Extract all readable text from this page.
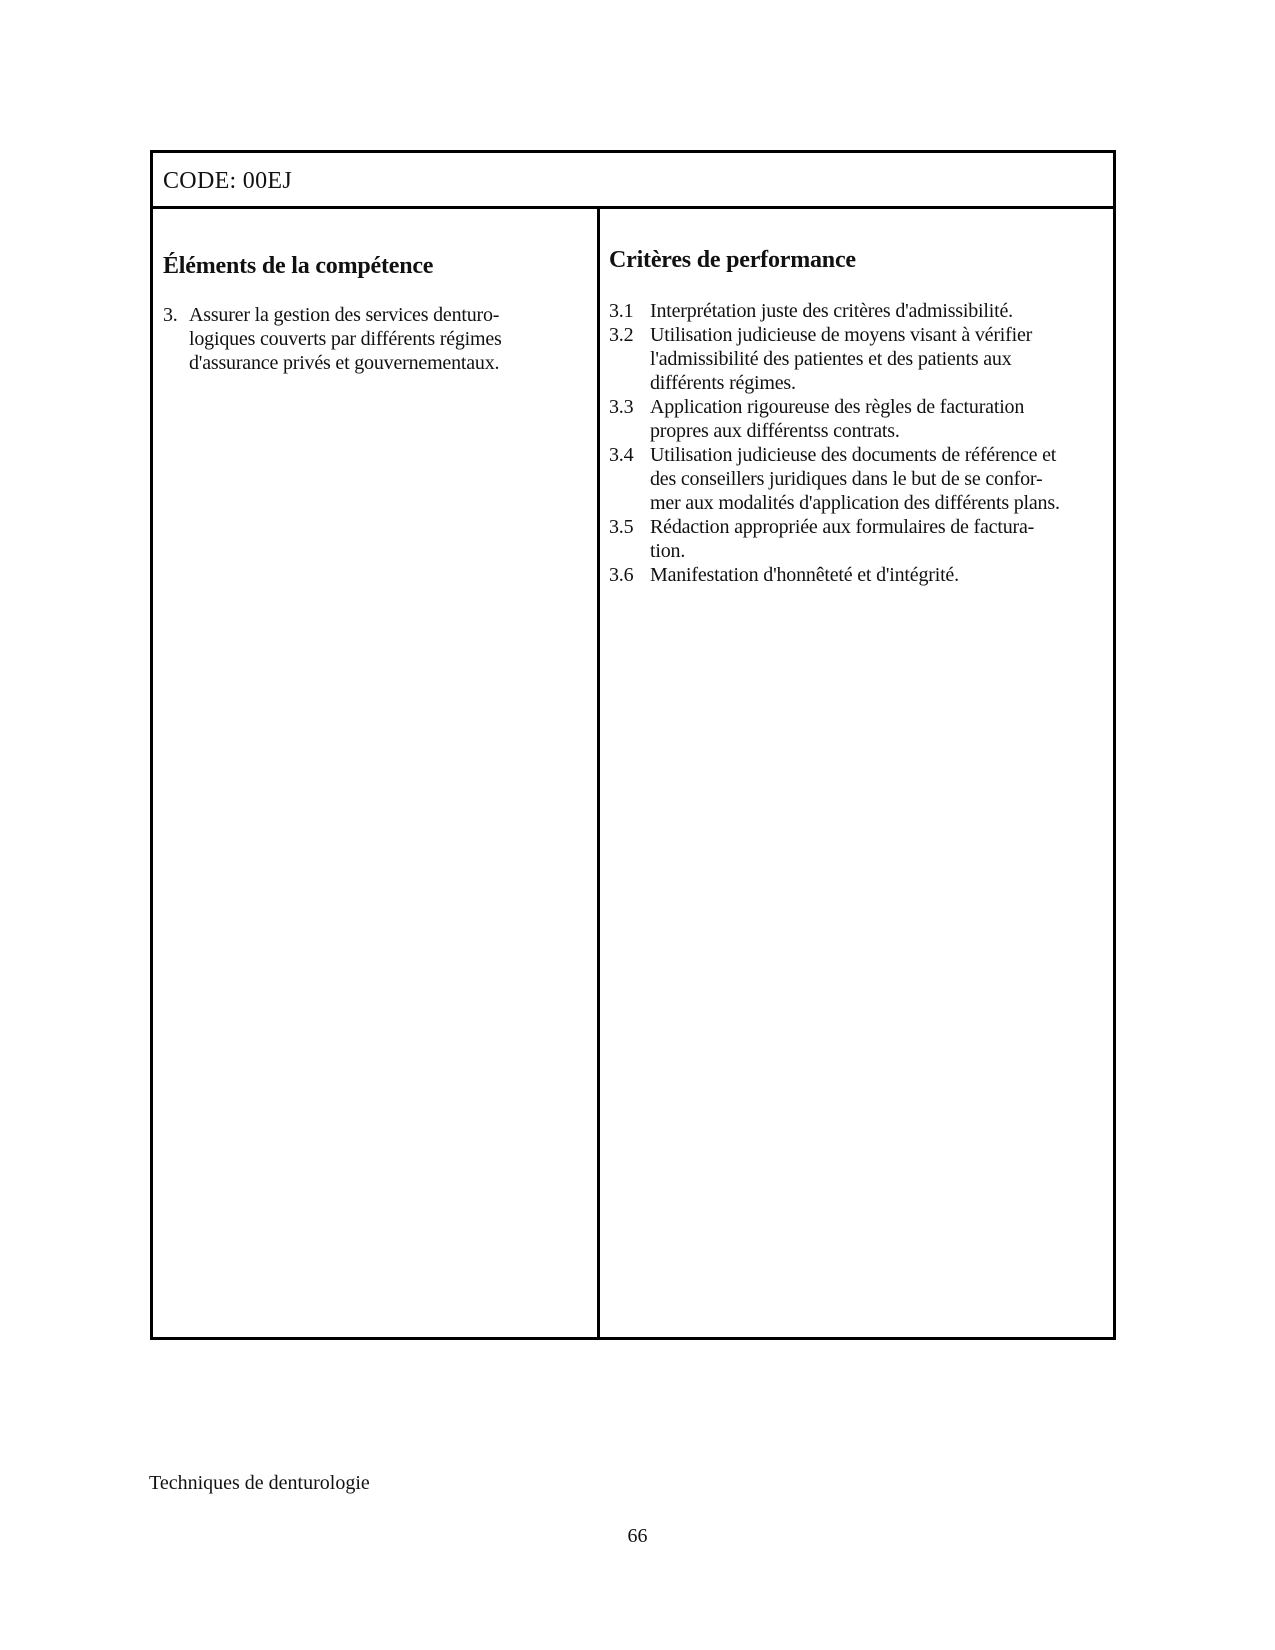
CODE: 00EJ
Éléments de la compétence
3. Assurer la gestion des services denturo-
logiques couverts par différents régimes
d'assurance privés et gouvernementaux.
Critères de performance
3.1 Interprétation juste des critères d'admissibilité.
3.2 Utilisation judicieuse de moyens visant à vérifier
l'admissibilité des patientes et des patients aux
différents régimes.
3.3 Application rigoureuse des règles de facturation
propres aux différentss contrats.
3.4 Utilisation judicieuse des documents de référence et
des conseillers juridiques dans le but de se confor-
mer aux modalités d'application des différents plans.
3.5 Rédaction appropriée aux formulaires de factura-
tion.
3.6 Manifestation d'honnêteté et d'intégrité.
Techniques de denturologie
66
